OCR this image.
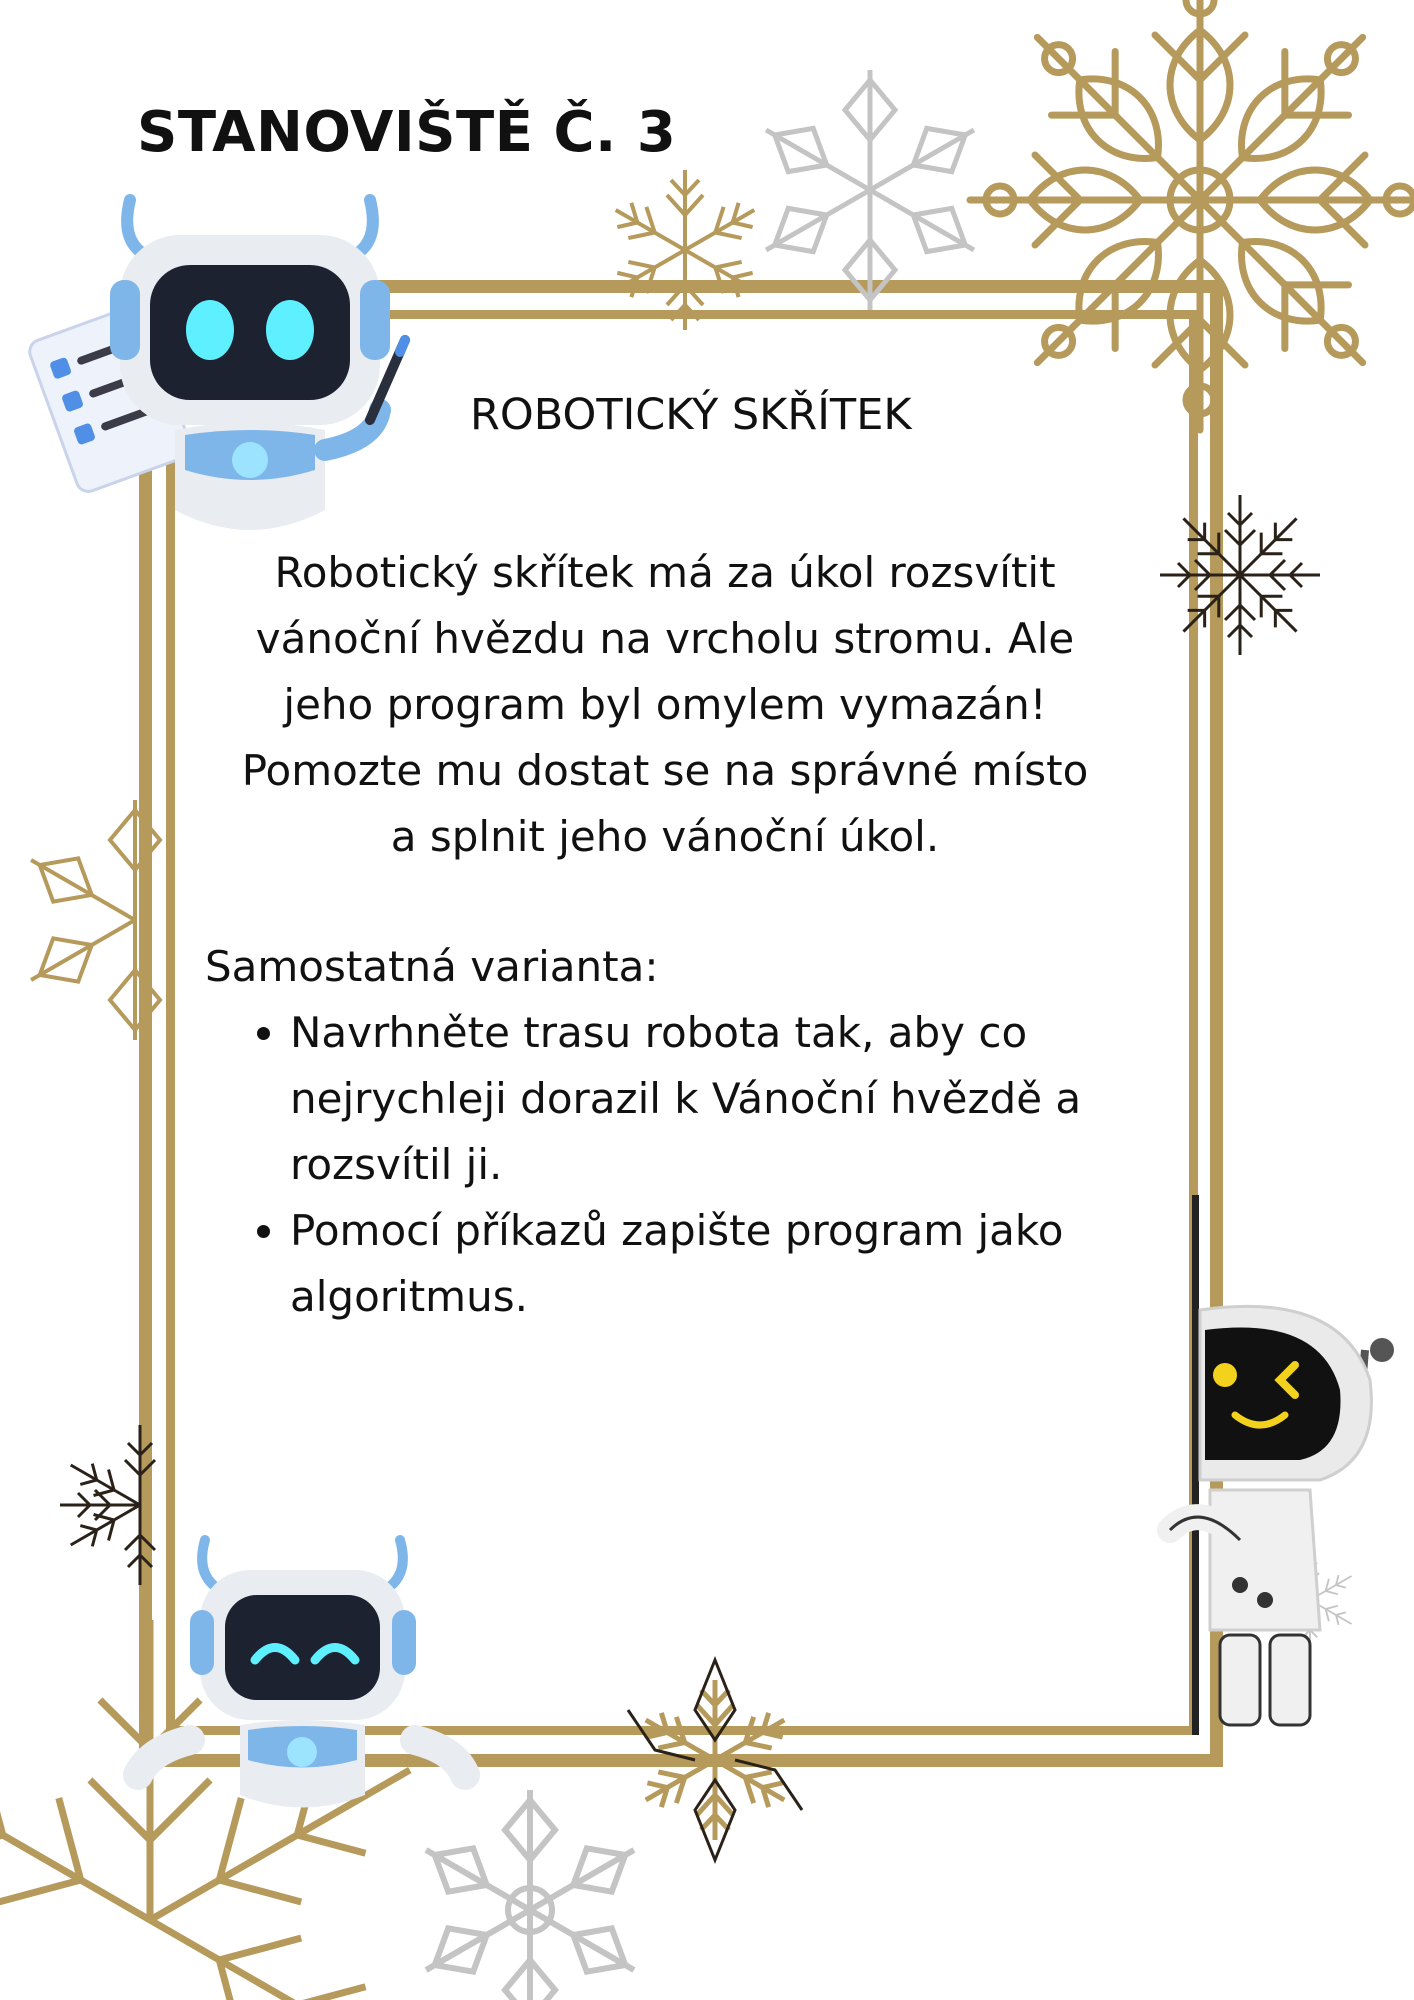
STANOVIŠTĚ Č. 3
ROBOTICKÝ SKŘÍTEK

Robotický skřítek má za úkol rozsvítit

vánoční hvězdu na vrcholu stromu. Ale

jeho program byl omylem vymazán!

Pomozte mu dostat se na správné místo

a splnit jeho vánoční úkol.

Samostatná varianta:
• Navrhněte trasu robota tak, aby co nejrychleji dorazil k Vánoční hvězdě a rozsvítil ji.
• Pomocí příkazů zapište program jako algoritmus.
